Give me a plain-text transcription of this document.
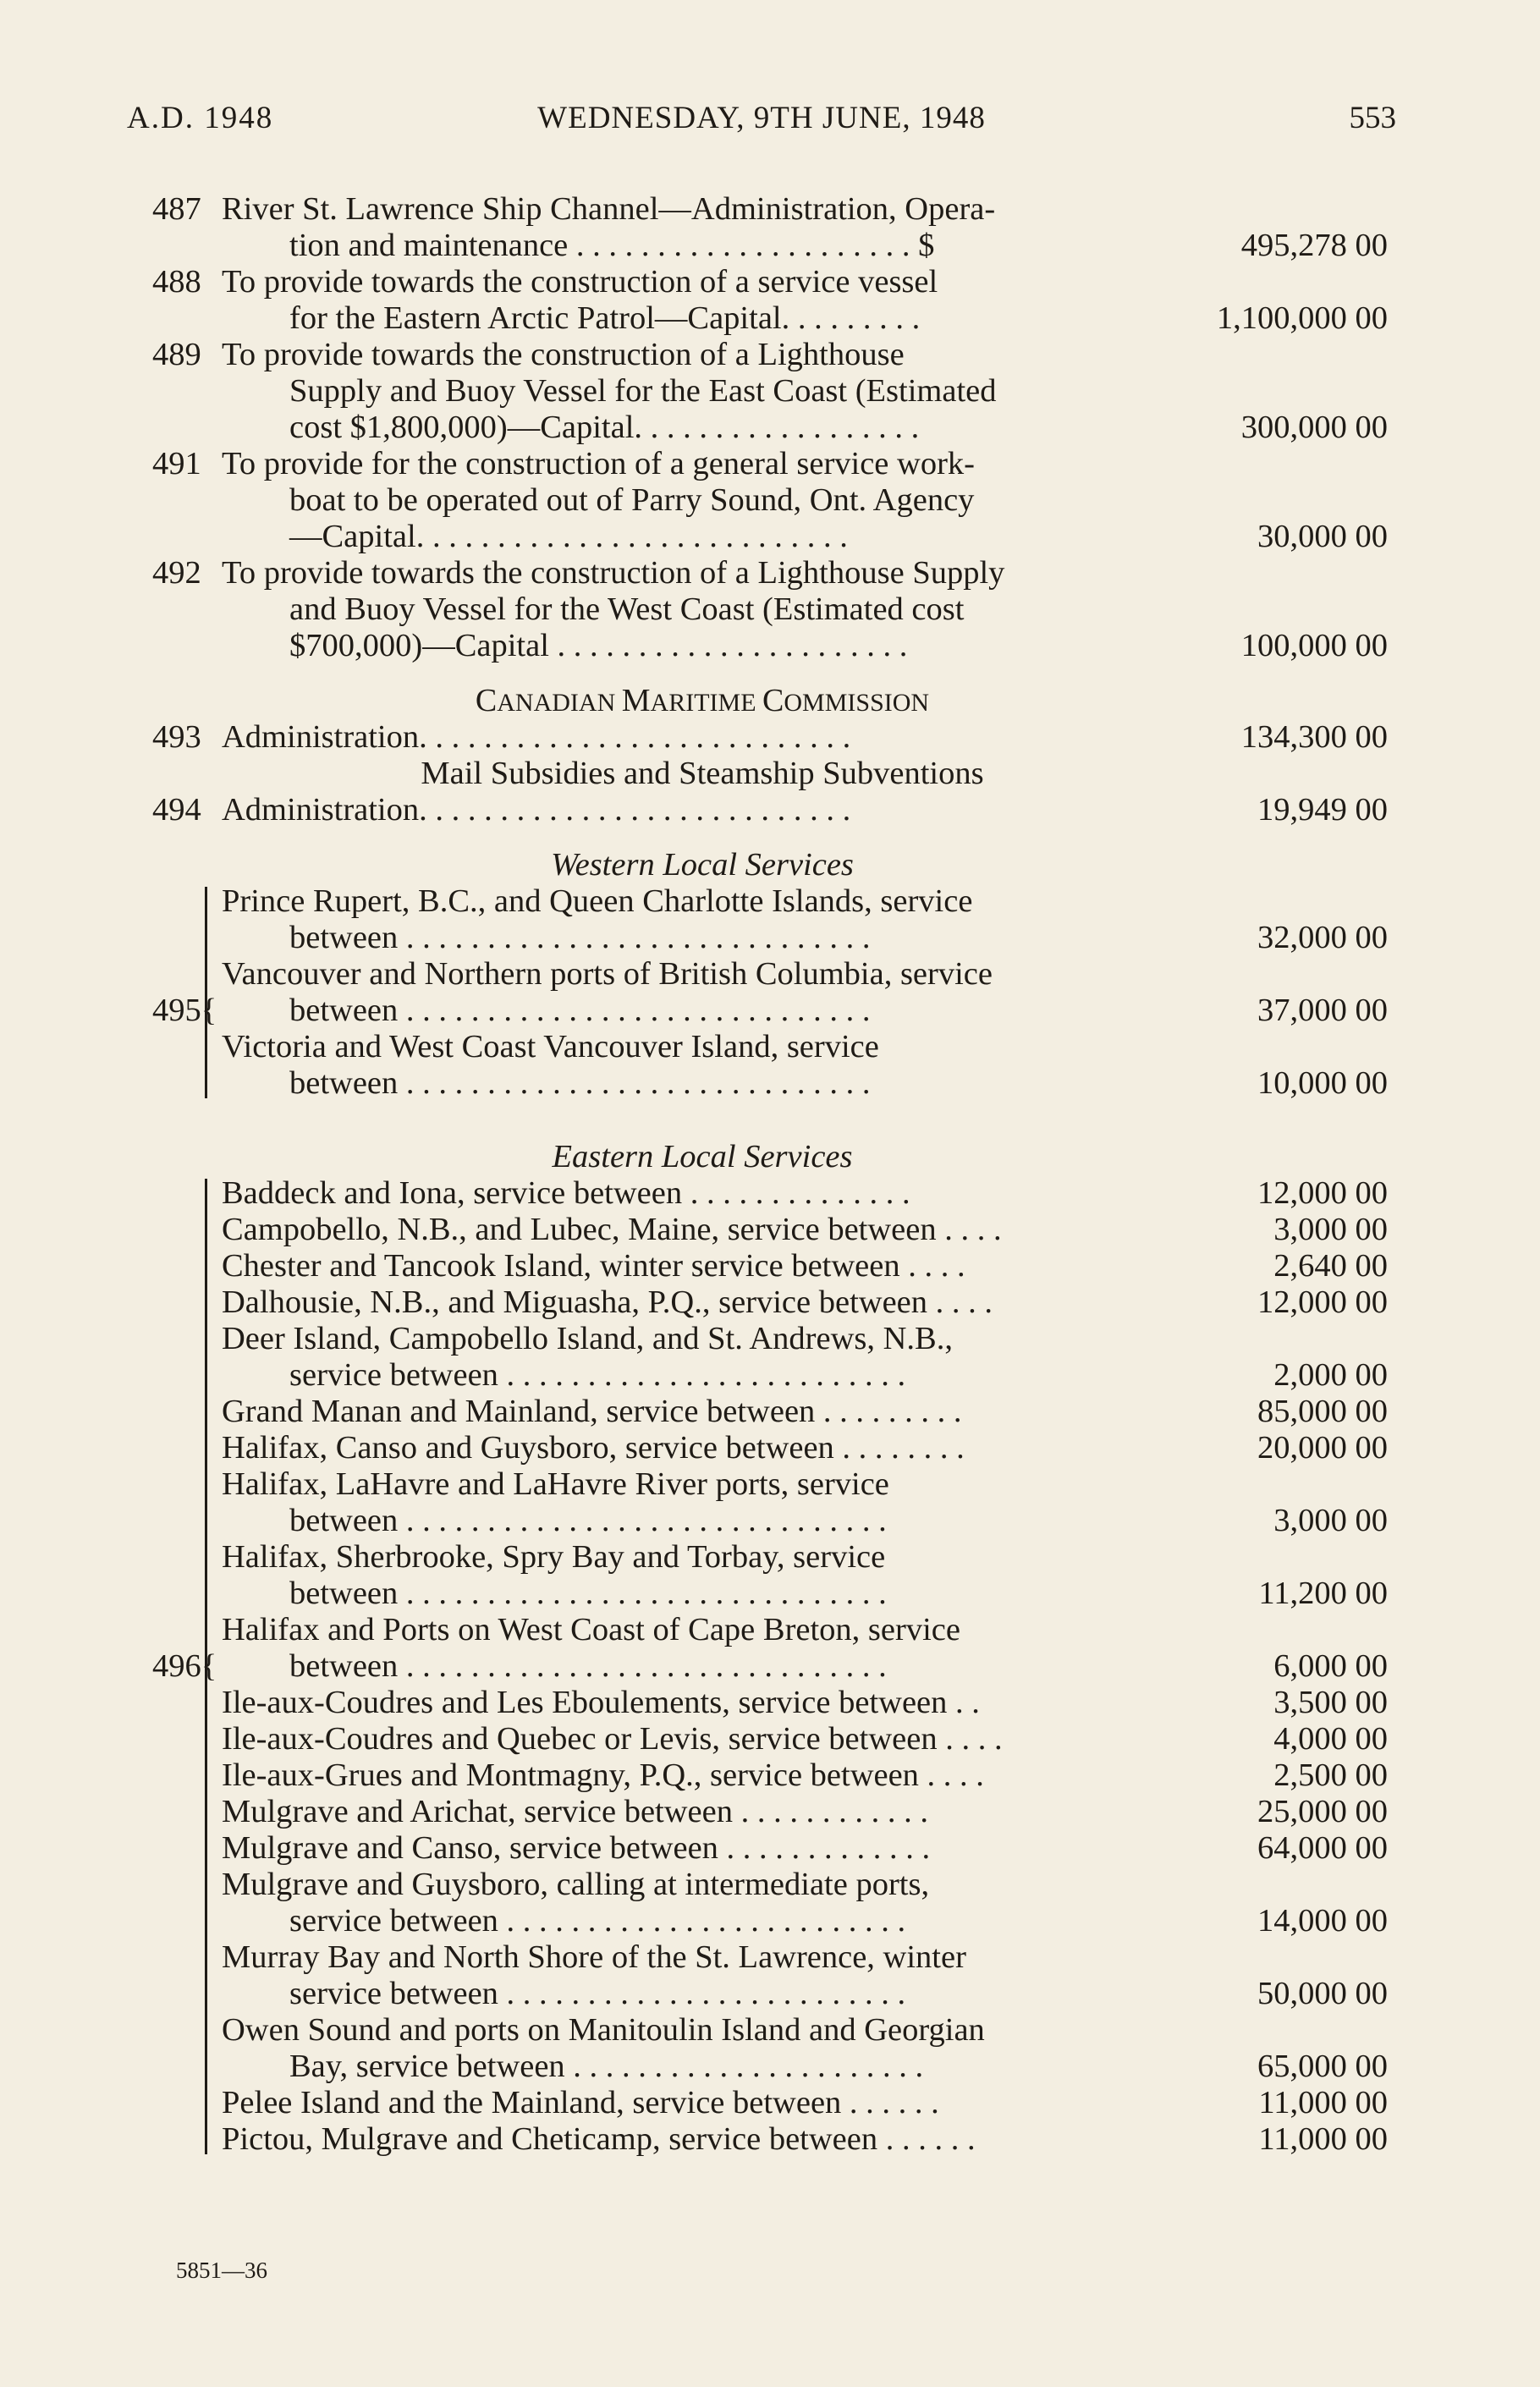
A.D. 1948	WEDNESDAY, 9TH JUNE, 1948	553
487 River St. Lawrence Ship Channel—Administration, Opera-
tion and maintenance . . . . . . . . . . . . . . . . . . . . . $	495,278 00
488 To provide towards the construction of a service vessel
for the Eastern Arctic Patrol—Capital. . . . . . . . .	1,100,000 00
489 To provide towards the construction of a Lighthouse
Supply and Buoy Vessel for the East Coast (Estimated
cost $1,800,000)—Capital. . . . . . . . . . . . . . . . . .	300,000 00
491 To provide for the construction of a general service work-
boat to be operated out of Parry Sound, Ont. Agency
—Capital. . . . . . . . . . . . . . . . . . . . . . . . . . .	30,000 00
492 To provide towards the construction of a Lighthouse Supply
and Buoy Vessel for the West Coast (Estimated cost
$700,000)—Capital . . . . . . . . . . . . . . . . . . . . . .	100,000 00
CANADIAN MARITIME COMMISSION
493 Administration. . . . . . . . . . . . . . . . . . . . . . . . . . .	134,300 00
Mail Subsidies and Steamship Subventions
494 Administration. . . . . . . . . . . . . . . . . . . . . . . . . . .	19,949 00
Western Local Services
Prince Rupert, B.C., and Queen Charlotte Islands, service
between . . . . . . . . . . . . . . . . . . . . . . . . . . . . .	32,000 00
Vancouver and Northern ports of British Columbia, service
between . . . . . . . . . . . . . . . . . . . . . . . . . . . . .	37,000 00
Victoria and West Coast Vancouver Island, service
between . . . . . . . . . . . . . . . . . . . . . . . . . . . . .	10,000 00
495{
Eastern Local Services
Baddeck and Iona, service between . . . . . . . . . . . . . .	12,000 00
Campobello, N.B., and Lubec, Maine, service between . . . .	3,000 00
Chester and Tancook Island, winter service between . . . .	2,640 00
Dalhousie, N.B., and Miguasha, P.Q., service between . . . .	12,000 00
Deer Island, Campobello Island, and St. Andrews, N.B.,
service between . . . . . . . . . . . . . . . . . . . . . . . . .	2,000 00
Grand Manan and Mainland, service between . . . . . . . . .	85,000 00
Halifax, Canso and Guysboro, service between . . . . . . . .	20,000 00
Halifax, LaHavre and LaHavre River ports, service
between . . . . . . . . . . . . . . . . . . . . . . . . . . . . . .	3,000 00
Halifax, Sherbrooke, Spry Bay and Torbay, service
between . . . . . . . . . . . . . . . . . . . . . . . . . . . . . .	11,200 00
Halifax and Ports on West Coast of Cape Breton, service
between . . . . . . . . . . . . . . . . . . . . . . . . . . . . . .	6,000 00
Ile-aux-Coudres and Les Eboulements, service between . .	3,500 00
Ile-aux-Coudres and Quebec or Levis, service between . . . .	4,000 00
Ile-aux-Grues and Montmagny, P.Q., service between . . . .	2,500 00
Mulgrave and Arichat, service between . . . . . . . . . . . .	25,000 00
Mulgrave and Canso, service between . . . . . . . . . . . . .	64,000 00
Mulgrave and Guysboro, calling at intermediate ports,
service between . . . . . . . . . . . . . . . . . . . . . . . . .	14,000 00
Murray Bay and North Shore of the St. Lawrence, winter
service between . . . . . . . . . . . . . . . . . . . . . . . . .	50,000 00
Owen Sound and ports on Manitoulin Island and Georgian
Bay, service between . . . . . . . . . . . . . . . . . . . . . .	65,000 00
Pelee Island and the Mainland, service between . . . . . .	11,000 00
Pictou, Mulgrave and Cheticamp, service between . . . . . .	11,000 00
496{
5851—36
